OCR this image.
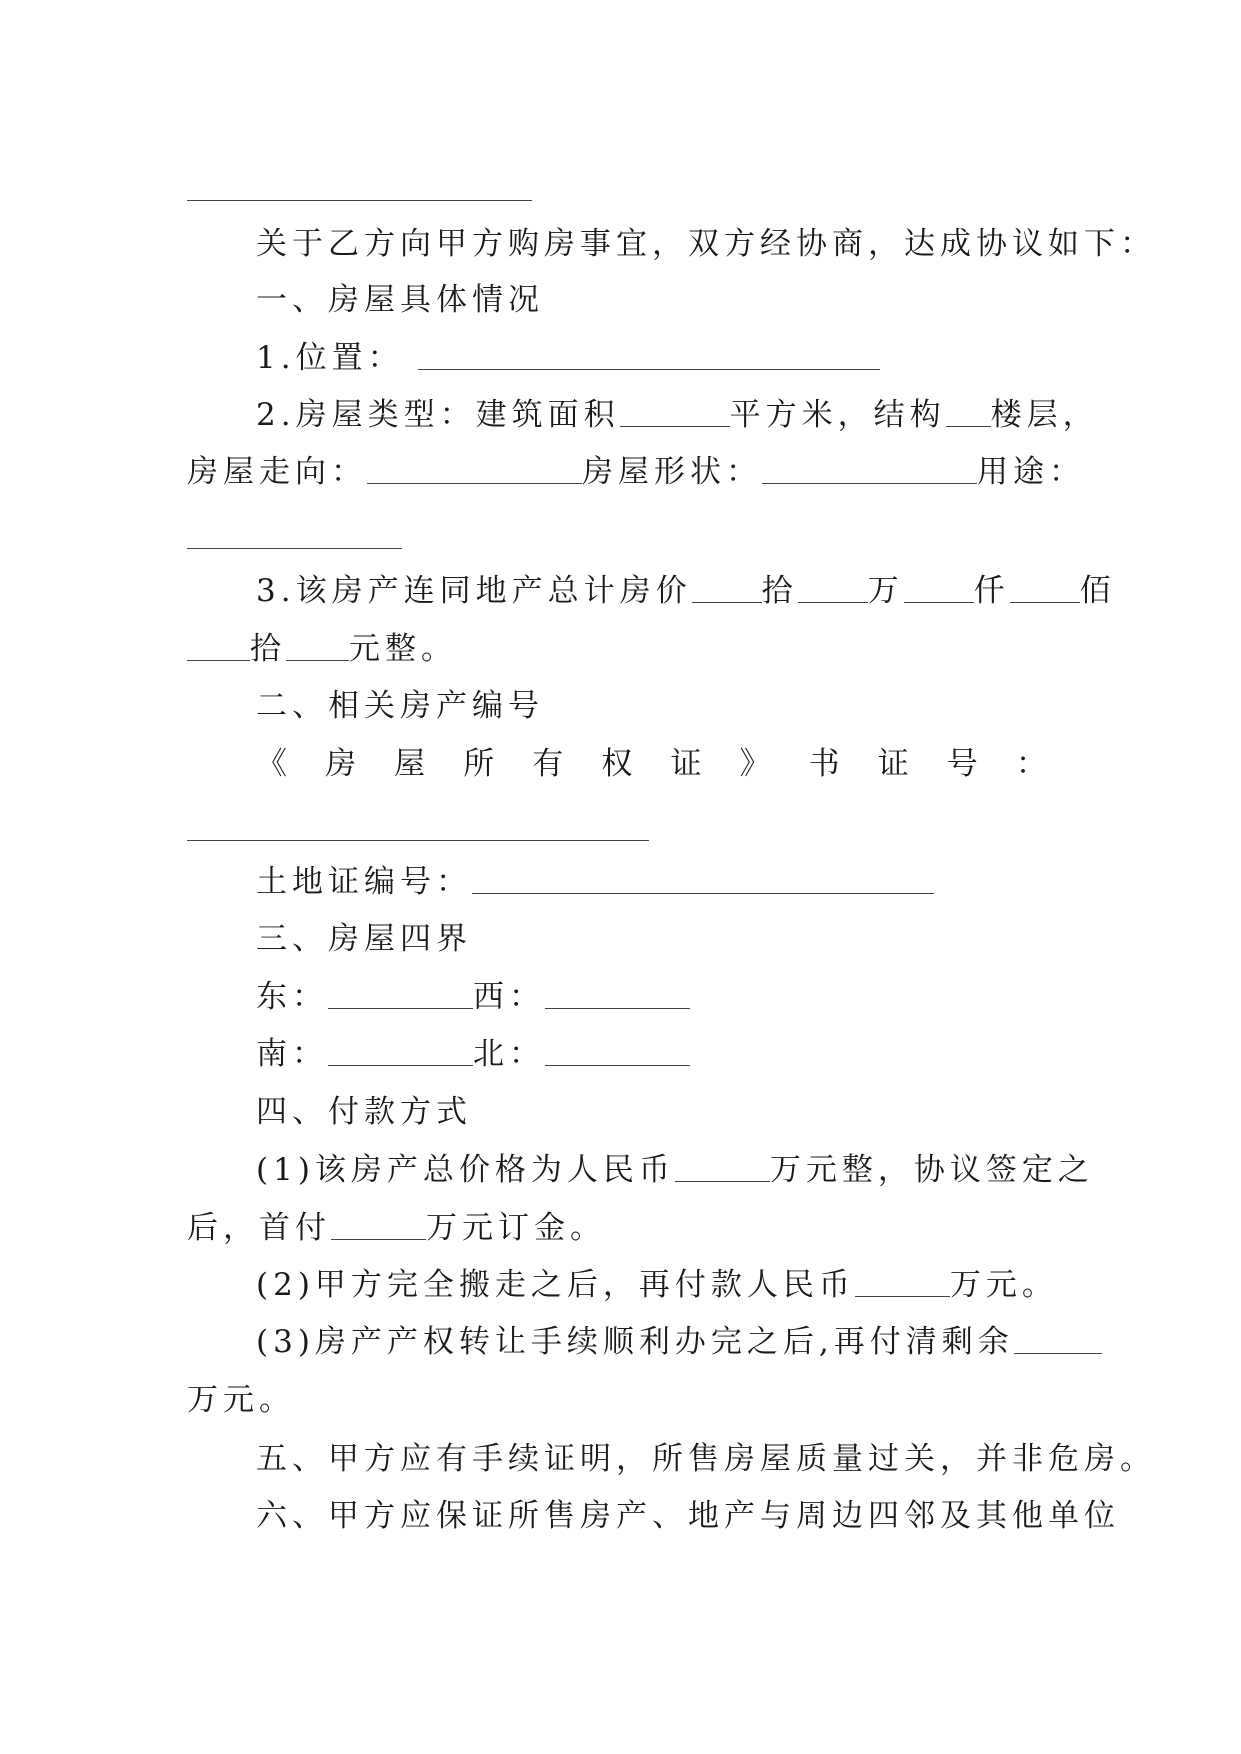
关于乙方向甲方购房事宜，双方经协商，达成协议如下：
一、房屋具体情况
1.位置：
2.房屋类型：建筑面积	平方米，结构 楼层，
房屋走向：	房屋形状：	用途：
3.该房产连同地产总计房价 拾 万 仟 佰
拾 元整。
二、相关房产编号
《 房 屋 所 有 权 证 》 书 证 号 ：
土地证编号：
三、房屋四界
东：	西：
南：	北：
四、付款方式
(1)该房产总价格为人民币	万元整，协议签定之
后，首付	万元订金。
(2)甲方完全搬走之后，再付款人民币	万元。
(3)房产产权转让手续顺利办完之后,再付清剩余
万元。
五、甲方应有手续证明，所售房屋质量过关，并非危房。
六、甲方应保证所售房产、地产与周边四邻及其他单位
